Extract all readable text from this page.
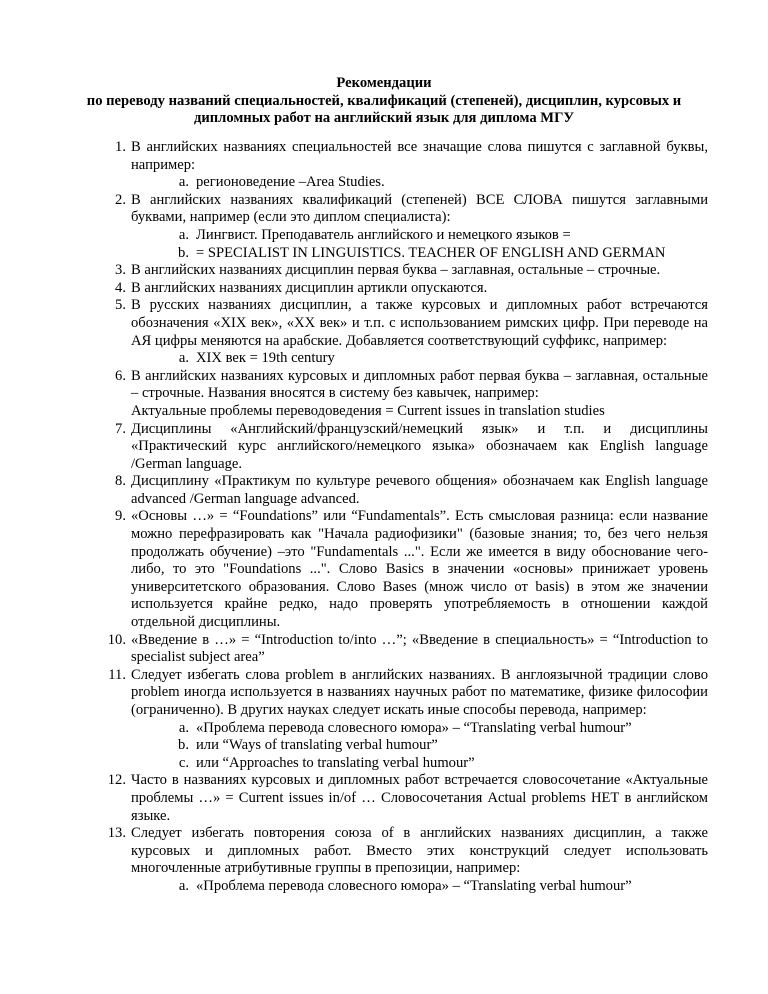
Рекомендации
по переводу названий специальностей, квалификаций (степеней), дисциплин, курсовых и
дипломных работ на английский язык для диплома МГУ
1. В английских названиях специальностей все значащие слова пишутся с заглавной буквы, например:
a. регионоведение –Area Studies.
2. В английских названиях квалификаций (степеней) ВСЕ СЛОВА пишутся заглавными буквами, например (если это диплом специалиста):
a. Лингвист. Преподаватель английского и немецкого языков =
b. = SPECIALIST IN LINGUISTICS. TEACHER OF ENGLISH AND GERMAN
3. В английских названиях дисциплин первая буква – заглавная, остальные – строчные.
4. В английских названиях дисциплин артикли опускаются.
5. В русских названиях дисциплин, а также курсовых и дипломных работ встречаются обозначения «XIX век», «XX век» и т.п. с использованием римских цифр. При переводе на АЯ цифры меняются на арабские. Добавляется соответствующий суффикс, например:
a. XIX век = 19th century
6. В английских названиях курсовых и дипломных работ первая буква – заглавная, остальные – строчные. Названия вносятся в систему без кавычек, например:
Актуальные проблемы переводоведения = Current issues in translation studies
7. Дисциплины «Английский/французский/немецкий язык» и т.п. и дисциплины «Практический курс английского/немецкого языка» обозначаем как English language /German language.
8. Дисциплину «Практикум по культуре речевого общения» обозначаем как English language advanced /German language advanced.
9. «Основы …» = “Foundations” или “Fundamentals”. Есть смысловая разница: если название можно перефразировать как "Начала радиофизики" (базовые знания; то, без чего нельзя продолжать обучение) –это "Fundamentals ...". Если же имеется в виду обоснование чего-либо, то это "Foundations ...". Слово Basics в значении «основы» принижает уровень университетского образования. Слово Bases (множ число от basis) в этом же значении используется крайне редко, надо проверять употребляемость в отношении каждой отдельной дисциплины.
10. «Введение в …» = “Introduction to/into …”; «Введение в специальность» = “Introduction to specialist subject area”
11. Следует избегать слова problem в английских названиях. В англоязычной традиции слово problem иногда используется в названиях научных работ по математике, физике философии (ограниченно). В других науках следует искать иные способы перевода, например:
a. «Проблема перевода словесного юмора» – “Translating verbal humour”
b. или “Ways of translating verbal humour”
c. или “Approaches to translating verbal humour”
12. Часто в названиях курсовых и дипломных работ встречается словосочетание «Актуальные проблемы …» = Current issues in/of … Словосочетания Actual problems НЕТ в английском языке.
13. Следует избегать повторения союза of в английских названиях дисциплин, а также курсовых и дипломных работ. Вместо этих конструкций следует использовать многочленные атрибутивные группы в препозиции, например:
a. «Проблема перевода словесного юмора» – “Translating verbal humour”
